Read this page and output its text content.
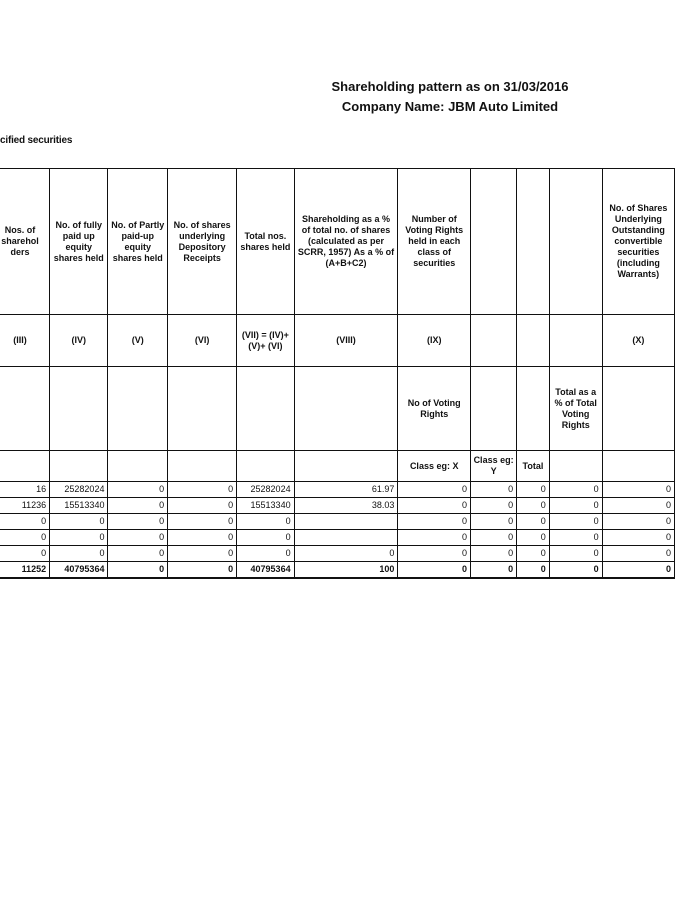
Shareholding pattern as on 31/03/2016
Company Name: JBM Auto Limited
cified securities
Nos. of sharehol ders	No. of fully paid up equity shares held	No. of Partly paid-up equity shares held	No. of shares underlying Depository Receipts	Total nos. shares held	Shareholding as a % of total no. of shares (calculated as per SCRR, 1957) As a % of (A+B+C2)	Number of Voting Rights held in each class of securities				No. of Shares Underlying Outstanding convertible securities (including Warrants)
(III)	(IV)	(V)	(VI)	(VII) = (IV)+(V)+ (VI)	(VIII)	(IX)				(X)
						No of Voting Rights			Total as a % of Total Voting Rights	
						Class eg: X	Class eg: Y	Total		
16	25282024	0	0	25282024	61.97	0	0	0	0	0
11236	15513340	0	0	15513340	38.03	0	0	0	0	0
0	0	0	0	0		0	0	0	0	0
0	0	0	0	0		0	0	0	0	0
0	0	0	0	0	0	0	0	0	0	0
11252	40795364	0	0	40795364	100	0	0	0	0	0
